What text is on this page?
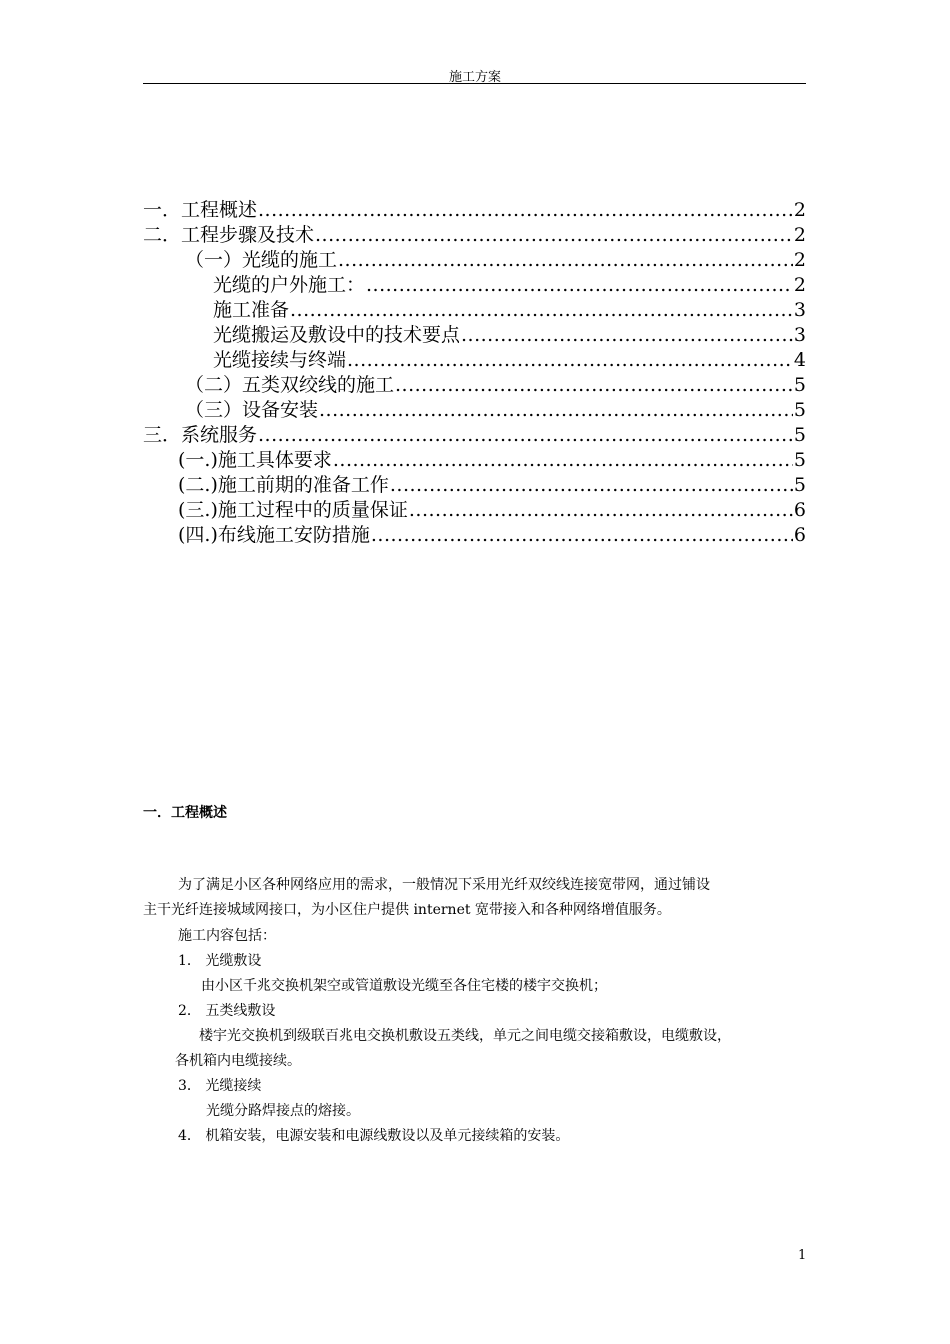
施工方案
一．工程概述 .....	2
二．工程步骤及技术 .....	2
（一）光缆的施工 .....	2
光缆的户外施工： .....	2
施工准备 .....	3
光缆搬运及敷设中的技术要点 .....	3
光缆接续与终端 .....	4
（二）五类双绞线的施工 .....	5
（三）设备安装 .....	5
三．系统服务 .....	5
(一.)施工具体要求 .....	5
(二.)施工前期的准备工作 .....	5
(三.)施工过程中的质量保证 .....	6
(四.)布线施工安防措施 .....	6
一．工程概述
为了满足小区各种网络应用的需求，一般情况下采用光纤双绞线连接宽带网，通过铺设
主干光纤连接城域网接口，为小区住户提供 internet 宽带接入和各种网络增值服务。
施工内容包括：
1． 光缆敷设
由小区千兆交换机架空或管道敷设光缆至各住宅楼的楼宇交换机；
2． 五类线敷设
楼宇光交换机到级联百兆电交换机敷设五类线，单元之间电缆交接箱敷设，电缆敷设，
各机箱内电缆接续。
3． 光缆接续
光缆分路焊接点的熔接。
4． 机箱安装，电源安装和电源线敷设以及单元接续箱的安装。
1
